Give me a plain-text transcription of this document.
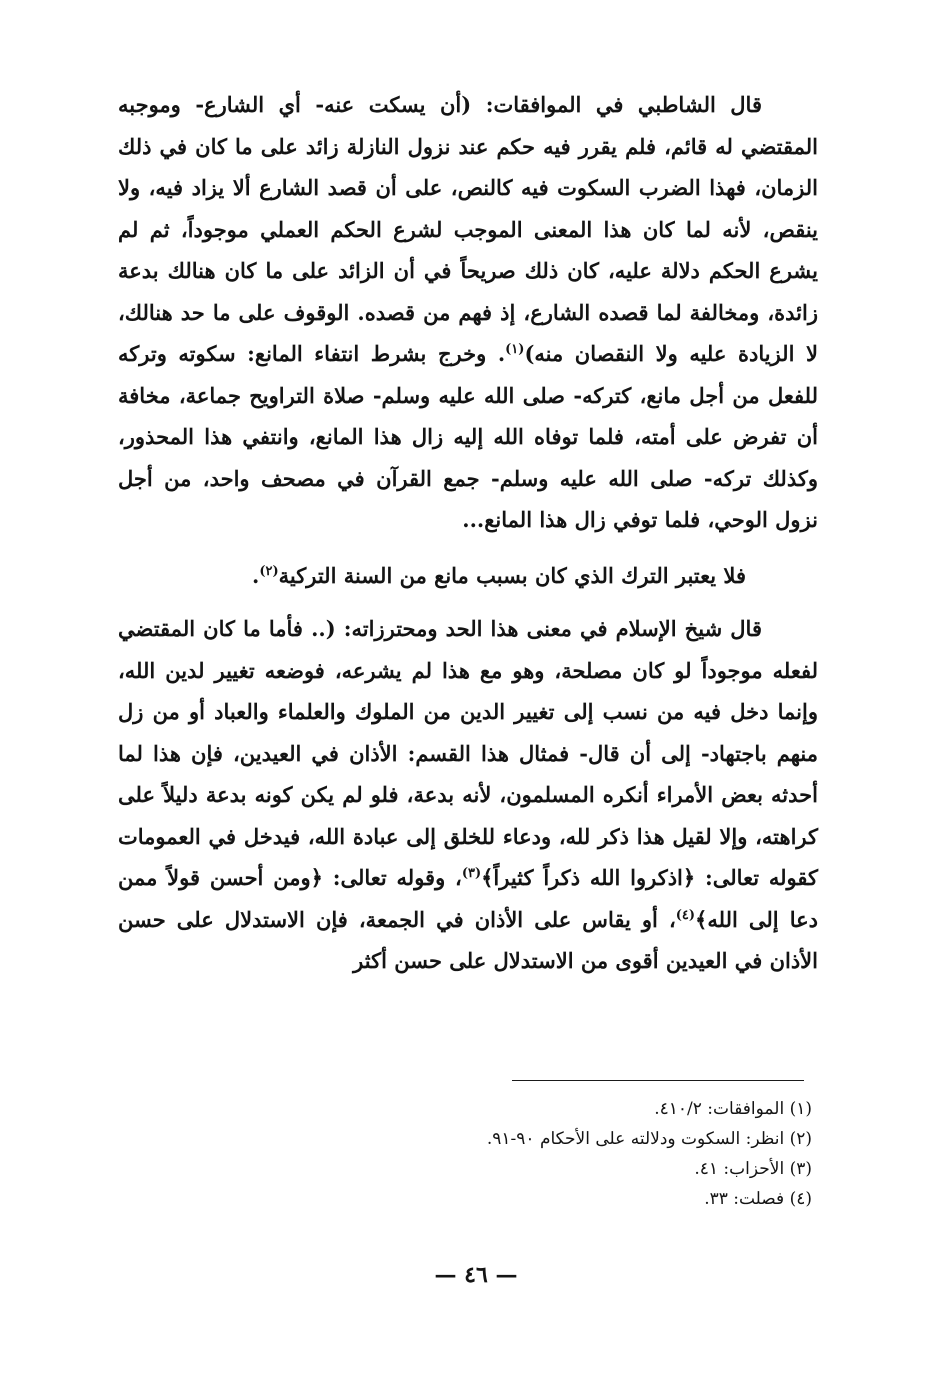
قال الشاطبي في الموافقات: (أن يسكت عنه- أي الشارع- وموجبه المقتضي له قائم، فلم يقرر فيه حكم عند نزول النازلة زائد على ما كان في ذلك الزمان، فهذا الضرب السكوت فيه كالنص، على أن قصد الشارع ألا يزاد فيه، ولا ينقص، لأنه لما كان هذا المعنى الموجب لشرع الحكم العملي موجوداً، ثم لم يشرع الحكم دلالة عليه، كان ذلك صريحاً في أن الزائد على ما كان هنالك بدعة زائدة، ومخالفة لما قصده الشارع، إذ فهم من قصده. الوقوف على ما حد هنالك، لا الزيادة عليه ولا النقصان منه)$^{(١)}$. وخرج بشرط انتفاء المانع: سكوته وتركه للفعل من أجل مانع، كتركه- صلى الله عليه وسلم- صلاة التراويح جماعة، مخافة أن تفرض على أمته، فلما توفاه الله إليه زال هذا المانع، وانتفي هذا المحذور، وكذلك تركه- صلى الله عليه وسلم- جمع القرآن في مصحف واحد، من أجل نزول الوحي، فلما توفي زال هذا المانع...

فلا يعتبر الترك الذي كان بسبب مانع من السنة التركية$^{(٢)}$.

قال شيخ الإسلام في معنى هذا الحد ومحترزاته: (.. فأما ما كان المقتضي لفعله موجوداً لو كان مصلحة، وهو مع هذا لم يشرعه، فوضعه تغيير لدين الله، وإنما دخل فيه من نسب إلى تغيير الدين من الملوك والعلماء والعباد أو من زل منهم باجتهاد- إلى أن قال- فمثال هذا القسم: الأذان في العيدين، فإن هذا لما أحدثه بعض الأمراء أنكره المسلمون، لأنه بدعة، فلو لم يكن كونه بدعة دليلاً على كراهته، وإلا لقيل هذا ذكر لله، ودعاء للخلق إلى عبادة الله، فيدخل في العمومات كقوله تعالى: ﴿اذكروا الله ذكراً كثيراً﴾$^{(٣)}$، وقوله تعالى: ﴿ومن أحسن قولاً ممن دعا إلى الله﴾$^{(٤)}$، أو يقاس على الأذان في الجمعة، فإن الاستدلال على حسن الأذان في العيدين أقوى من الاستدلال على حسن أكثر

(١) الموافقات: ٤١٠/٢.
(٢) انظر: السكوت ودلالته على الأحكام ٩٠-٩١.
(٣) الأحزاب: ٤١.
(٤) فصلت: ٣٣.
— ٤٦ —
